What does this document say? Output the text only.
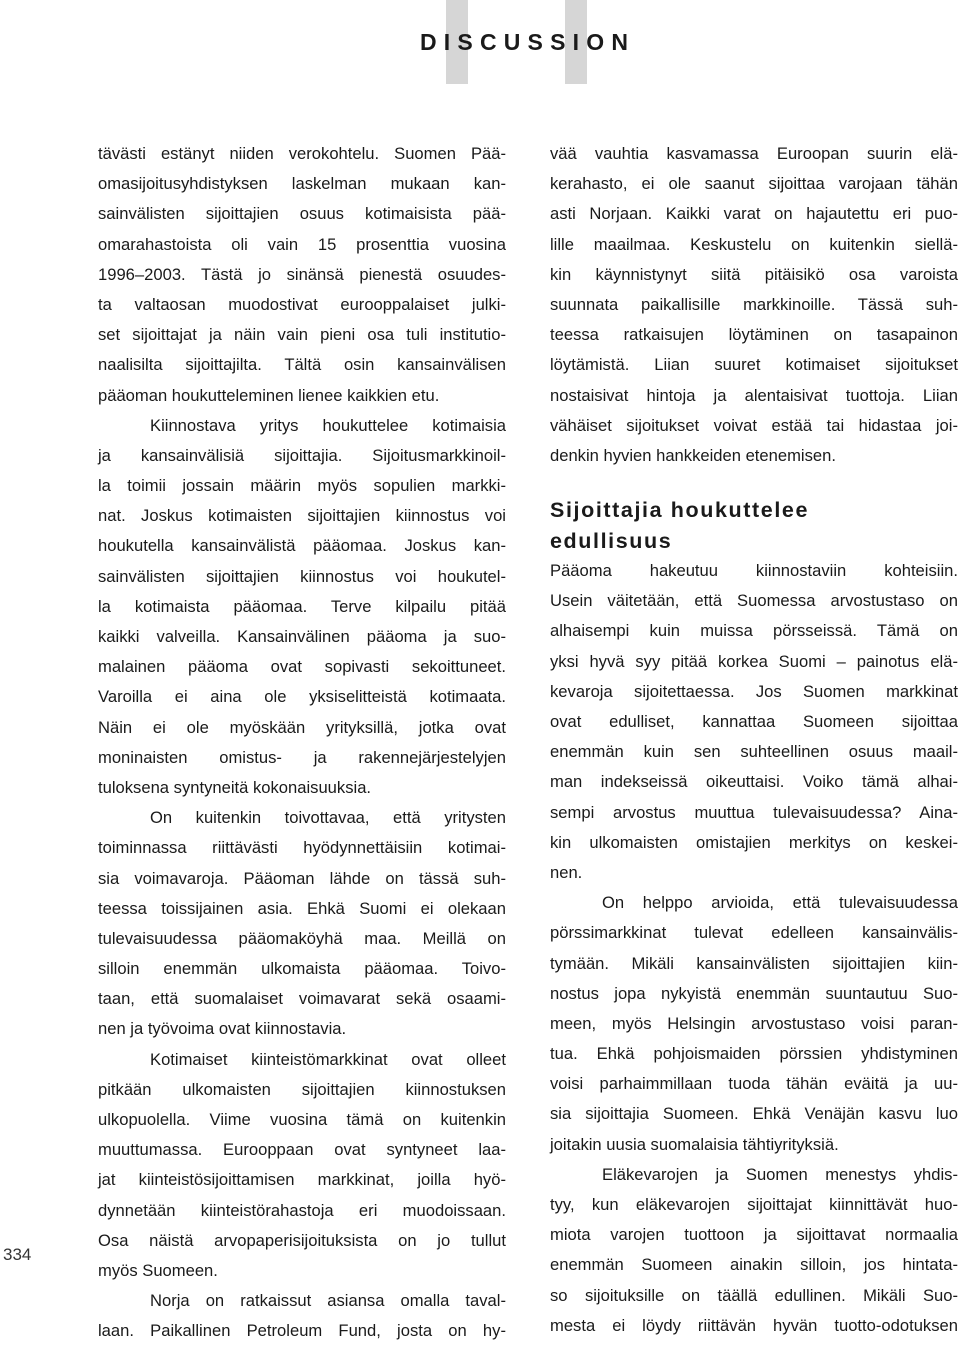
DISCUSSION
334
tävästi estänyt niiden verokohtelu. Suomen Pää-
omasijoitusyhdistyksen laskelman mukaan kan-
sainvälisten sijoittajien osuus kotimaisista pää-
omarahastoista oli vain 15 prosenttia vuosina
1996–2003. Tästä jo sinänsä pienestä osuudes-
ta valtaosan muodostivat eurooppalaiset julki-
set sijoittajat ja näin vain pieni osa tuli institutio-
naalisilta sijoittajilta. Tältä osin kansainvälisen
pääoman houkutteleminen lienee kaikkien etu.
Kiinnostava yritys houkuttelee kotimaisia
ja kansainvälisiä sijoittajia. Sijoitusmarkkinoil-
la toimii jossain määrin myös sopulien markki-
nat. Joskus kotimaisten sijoittajien kiinnostus voi
houkutella kansainvälistä pääomaa. Joskus kan-
sainvälisten sijoittajien kiinnostus voi houkutel-
la kotimaista pääomaa. Terve kilpailu pitää
kaikki valveilla. Kansainvälinen pääoma ja suo-
malainen pääoma ovat sopivasti sekoittuneet.
Varoilla ei aina ole yksiselitteistä kotimaata.
Näin ei ole myöskään yrityksillä, jotka ovat
moninaisten omistus- ja rakennejärjestelyjen
tuloksena syntyneitä kokonaisuuksia.
On kuitenkin toivottavaa, että yritysten
toiminnassa riittävästi hyödynnettäisiin kotimai-
sia voimavaroja. Pääoman lähde on tässä suh-
teessa toissijainen asia. Ehkä Suomi ei olekaan
tulevaisuudessa pääomaköyhä maa. Meillä on
silloin enemmän ulkomaista pääomaa. Toivo-
taan, että suomalaiset voimavarat sekä osaami-
nen ja työvoima ovat kiinnostavia.
Kotimaiset kiinteistömarkkinat ovat olleet
pitkään ulkomaisten sijoittajien kiinnostuksen
ulkopuolella. Viime vuosina tämä on kuitenkin
muuttumassa. Eurooppaan ovat syntyneet laa-
jat kiinteistösijoittamisen markkinat, joilla hyö-
dynnetään kiinteistörahastoja eri muodoissaan.
Osa näistä arvopaperisijoituksista on jo tullut
myös Suomeen.
Norja on ratkaissut asiansa omalla taval-
laan. Paikallinen Petroleum Fund, josta on hy-
vää vauhtia kasvamassa Euroopan suurin elä-
kerahasto, ei ole saanut sijoittaa varojaan tähän
asti Norjaan. Kaikki varat on hajautettu eri puo-
lille maailmaa. Keskustelu on kuitenkin siellä-
kin käynnistynyt siitä pitäisikö osa varoista
suunnata paikallisille markkinoille. Tässä suh-
teessa ratkaisujen löytäminen on tasapainon
löytämistä. Liian suuret kotimaiset sijoitukset
nostaisivat hintoja ja alentaisivat tuottoja. Liian
vähäiset sijoitukset voivat estää tai hidastaa joi-
denkin hyvien hankkeiden etenemisen.
Sijoittajia houkuttelee
edullisuus
Pääoma hakeutuu kiinnostaviin kohteisiin.
Usein väitetään, että Suomessa arvostustaso on
alhaisempi kuin muissa pörsseissä. Tämä on
yksi hyvä syy pitää korkea Suomi – painotus elä-
kevaroja sijoitettaessa. Jos Suomen markkinat
ovat edulliset, kannattaa Suomeen sijoittaa
enemmän kuin sen suhteellinen osuus maail-
man indekseissä oikeuttaisi. Voiko tämä alhai-
sempi arvostus muuttua tulevaisuudessa? Aina-
kin ulkomaisten omistajien merkitys on keskei-
nen.
On helppo arvioida, että tulevaisuudessa
pörssimarkkinat tulevat edelleen kansainvälis-
tymään. Mikäli kansainvälisten sijoittajien kiin-
nostus jopa nykyistä enemmän suuntautuu Suo-
meen, myös Helsingin arvostustaso voisi paran-
tua. Ehkä pohjoismaiden pörssien yhdistyminen
voisi parhaimmillaan tuoda tähän eväitä ja uu-
sia sijoittajia Suomeen. Ehkä Venäjän kasvu luo
joitakin uusia suomalaisia tähtiyrityksiä.
Eläkevarojen ja Suomen menestys yhdis-
tyy, kun eläkevarojen sijoittajat kiinnittävät huo-
miota varojen tuottoon ja sijoittavat normaalia
enemmän Suomeen ainakin silloin, jos hintata-
so sijoituksille on täällä edullinen. Mikäli Suo-
mesta ei löydy riittävän hyvän tuotto-odotuksen
